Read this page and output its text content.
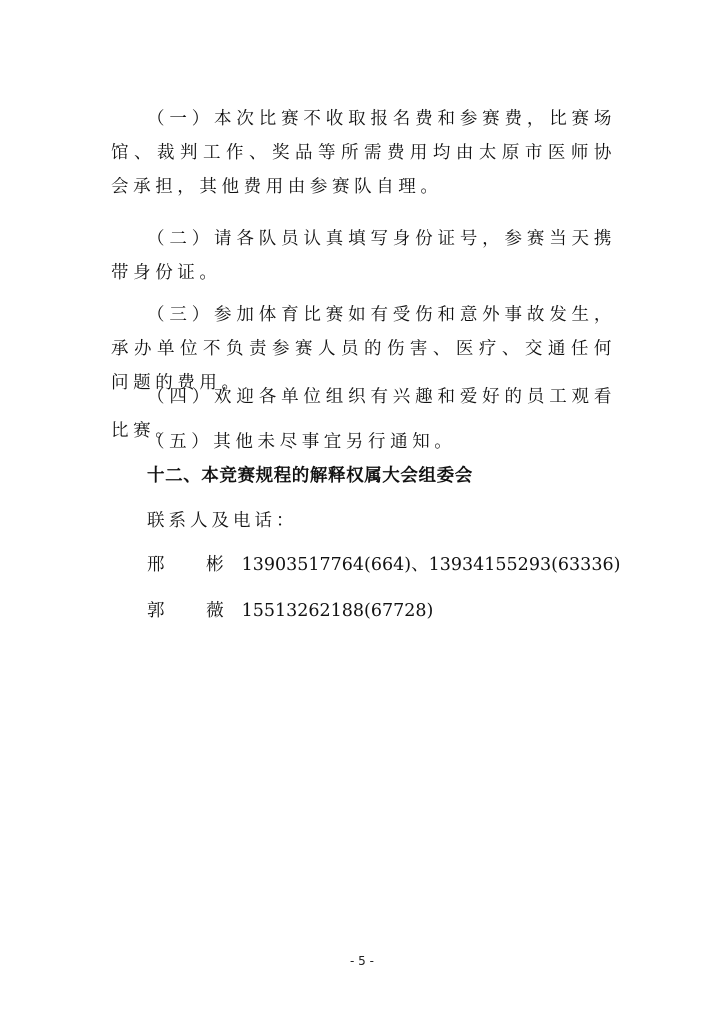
（一）本次比赛不收取报名费和参赛费，比赛场馆、裁判工作、奖品等所需费用均由太原市医师协会承担，其他费用由参赛队自理。

（二）请各队员认真填写身份证号，参赛当天携带身份证。

（三）参加体育比赛如有受伤和意外事故发生，承办单位不负责参赛人员的伤害、医疗、交通任何问题的费用。

（四）欢迎各单位组织有兴趣和爱好的员工观看比赛。

（五）其他未尽事宜另行通知。

十二、本竞赛规程的解释权属大会组委会

联系人及电话：

邢 彬13903517764(664)、13934155293(63336)

郭 薇15513262188(67728)

- 5 -
